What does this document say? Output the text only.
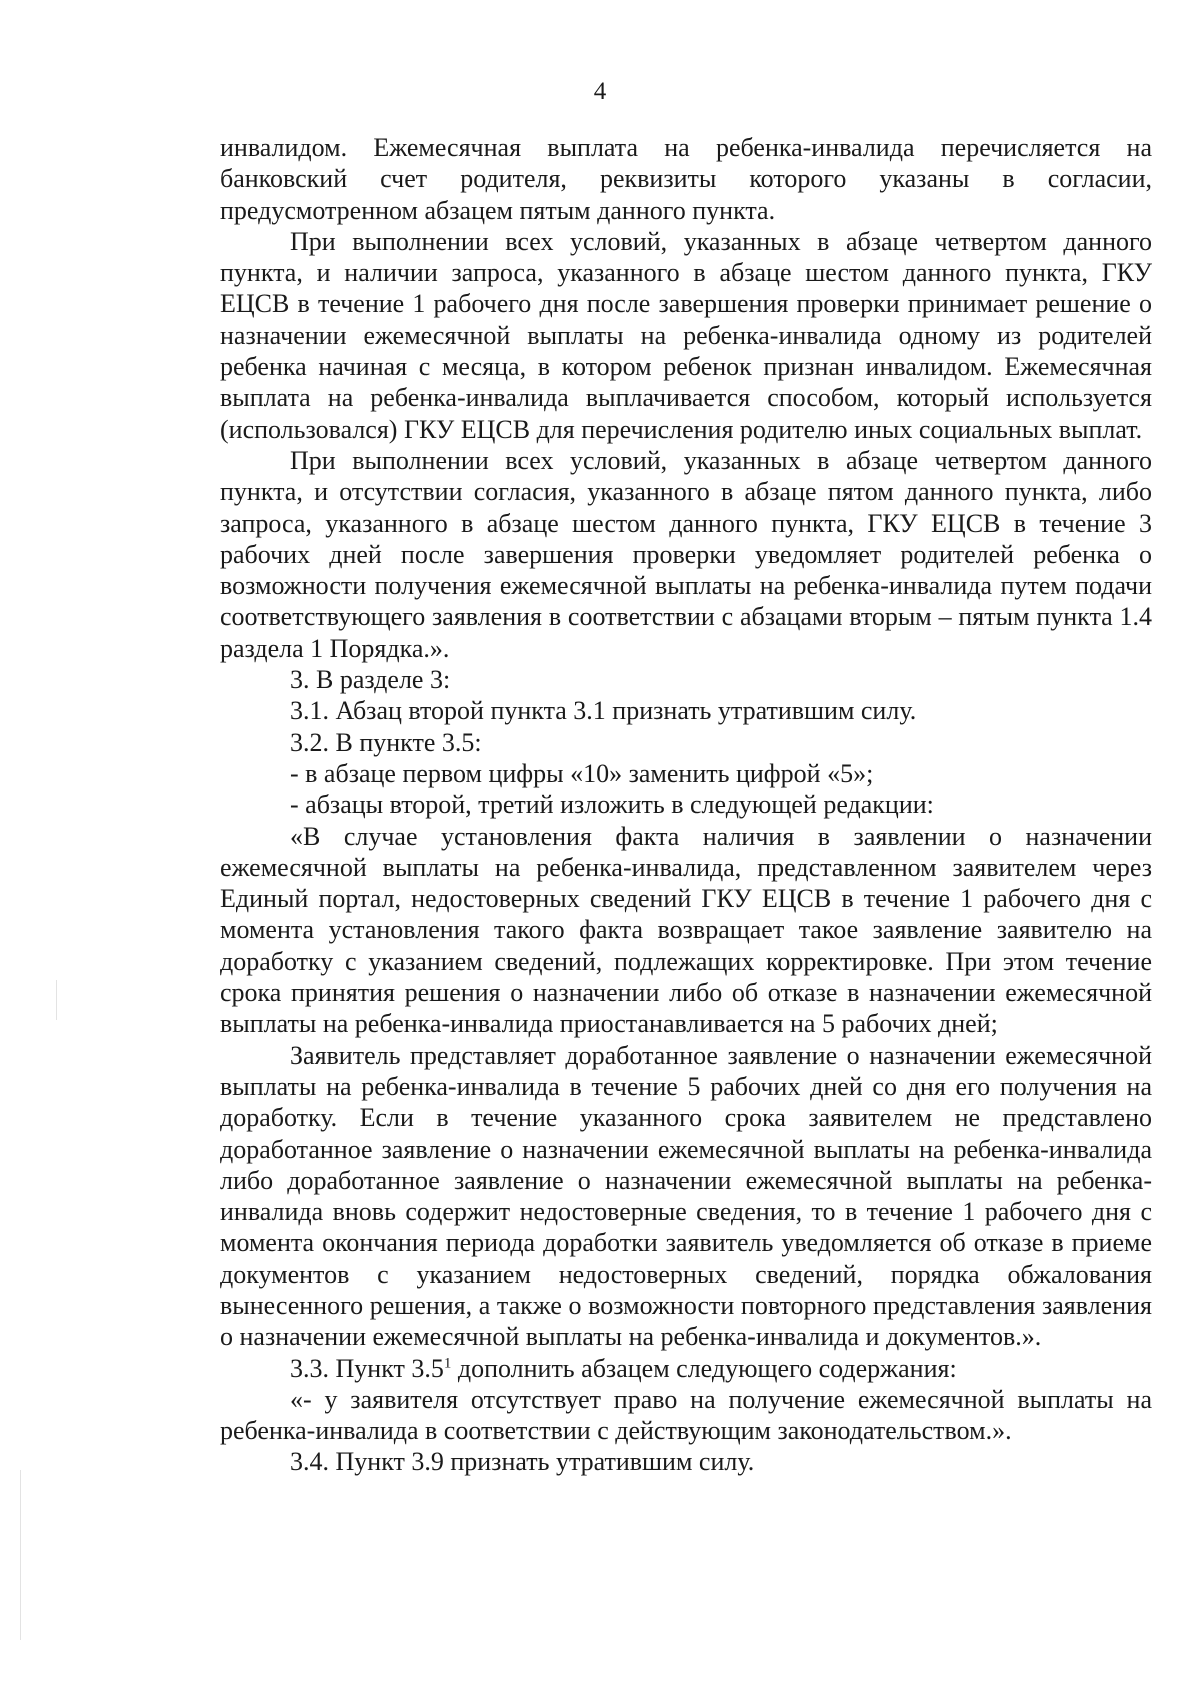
4

инвалидом. Ежемесячная выплата на ребенка-инвалида перечисляется на банковский счет родителя, реквизиты которого указаны в согласии, предусмотренном абзацем пятым данного пункта.

При выполнении всех условий, указанных в абзаце четвертом данного пункта, и наличии запроса, указанного в абзаце шестом данного пункта, ГКУ ЕЦСВ в течение 1 рабочего дня после завершения проверки принимает решение о назначении ежемесячной выплаты на ребенка-инвалида одному из родителей ребенка начиная с месяца, в котором ребенок признан инвалидом. Ежемесячная выплата на ребенка-инвалида выплачивается способом, который используется (использовался) ГКУ ЕЦСВ для перечисления родителю иных социальных выплат.

При выполнении всех условий, указанных в абзаце четвертом данного пункта, и отсутствии согласия, указанного в абзаце пятом данного пункта, либо запроса, указанного в абзаце шестом данного пункта, ГКУ ЕЦСВ в течение 3 рабочих дней после завершения проверки уведомляет родителей ребенка о возможности получения ежемесячной выплаты на ребенка-инвалида путем подачи соответствующего заявления в соответствии с абзацами вторым – пятым пункта 1.4 раздела 1 Порядка.».

3. В разделе 3:

3.1. Абзац второй пункта 3.1 признать утратившим силу.

3.2. В пункте 3.5:

- в абзаце первом цифры «10» заменить цифрой «5»;

- абзацы второй, третий изложить в следующей редакции:

«В случае установления факта наличия в заявлении о назначении ежемесячной выплаты на ребенка-инвалида, представленном заявителем через Единый портал, недостоверных сведений ГКУ ЕЦСВ в течение 1 рабочего дня с момента установления такого факта возвращает такое заявление заявителю на доработку с указанием сведений, подлежащих корректировке. При этом течение срока принятия решения о назначении либо об отказе в назначении ежемесячной выплаты на ребенка-инвалида приостанавливается на 5 рабочих дней;

Заявитель представляет доработанное заявление о назначении ежемесячной выплаты на ребенка-инвалида в течение 5 рабочих дней со дня его получения на доработку. Если в течение указанного срока заявителем не представлено доработанное заявление о назначении ежемесячной выплаты на ребенка-инвалида либо доработанное заявление о назначении ежемесячной выплаты на ребенка-инвалида вновь содержит недостоверные сведения, то в течение 1 рабочего дня с момента окончания периода доработки заявитель уведомляется об отказе в приеме документов с указанием недостоверных сведений, порядка обжалования вынесенного решения, а также о возможности повторного представления заявления о назначении ежемесячной выплаты на ребенка-инвалида и документов.».

3.3. Пункт $3.5^1$ дополнить абзацем следующего содержания:

«- у заявителя отсутствует право на получение ежемесячной выплаты на ребенка-инвалида в соответствии с действующим законодательством.».

3.4. Пункт 3.9 признать утратившим силу.
